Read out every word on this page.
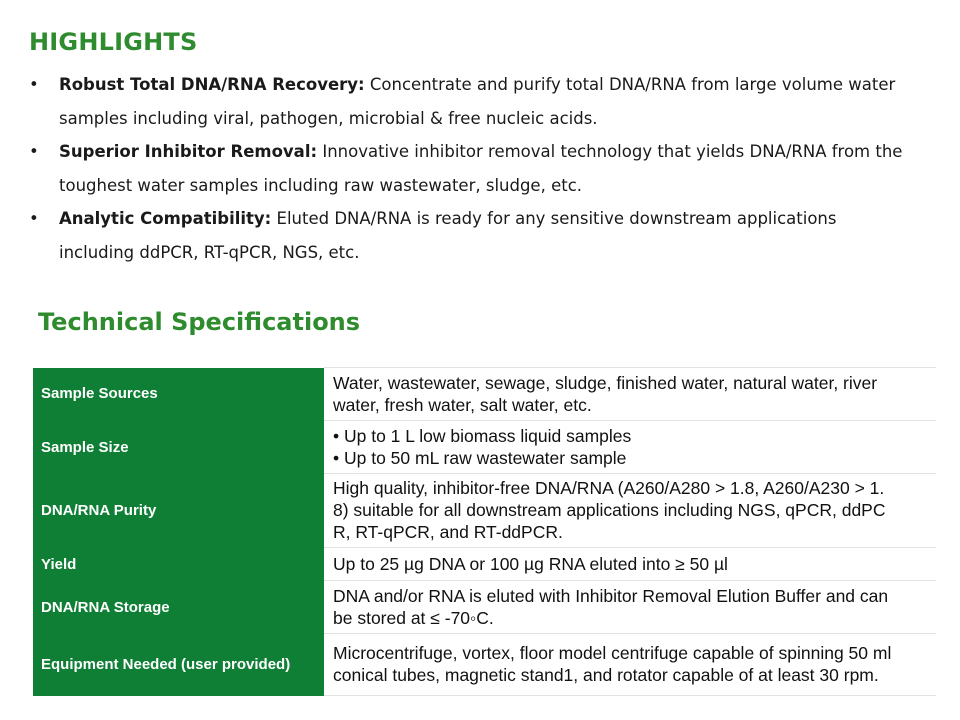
HIGHLIGHTS
• Robust Total DNA/RNA Recovery: Concentrate and purify total DNA/RNA from large volume water
samples including viral, pathogen, microbial & free nucleic acids.
• Superior Inhibitor Removal: Innovative inhibitor removal technology that yields DNA/RNA from the
toughest water samples including raw wastewater, sludge, etc.
• Analytic Compatibility: Eluted DNA/RNA is ready for any sensitive downstream applications
including ddPCR, RT-qPCR, NGS, etc.
Technical Specifications
Sample Sources	Water, wastewater, sewage, sludge, finished water, natural water, river
water, fresh water, salt water, etc.

Sample Size	• Up to 1 L low biomass liquid samples
• Up to 50 mL raw wastewater sample

DNA/RNA Purity	High quality, inhibitor-free DNA/RNA (A260/A280 > 1.8, A260/A230 > 1.
8) suitable for all downstream applications including NGS, qPCR, ddPC
R, RT-qPCR, and RT-ddPCR.

Yield	Up to 25 µg DNA or 100 µg RNA eluted into ≥ 50 µl

DNA/RNA Storage	DNA and/or RNA is eluted with Inhibitor Removal Elution Buffer and can
be stored at ≤ -70◦C.

Equipment Needed (user provided)	Microcentrifuge, vortex, floor model centrifuge capable of spinning 50 ml
conical tubes, magnetic stand1, and rotator capable of at least 30 rpm.
